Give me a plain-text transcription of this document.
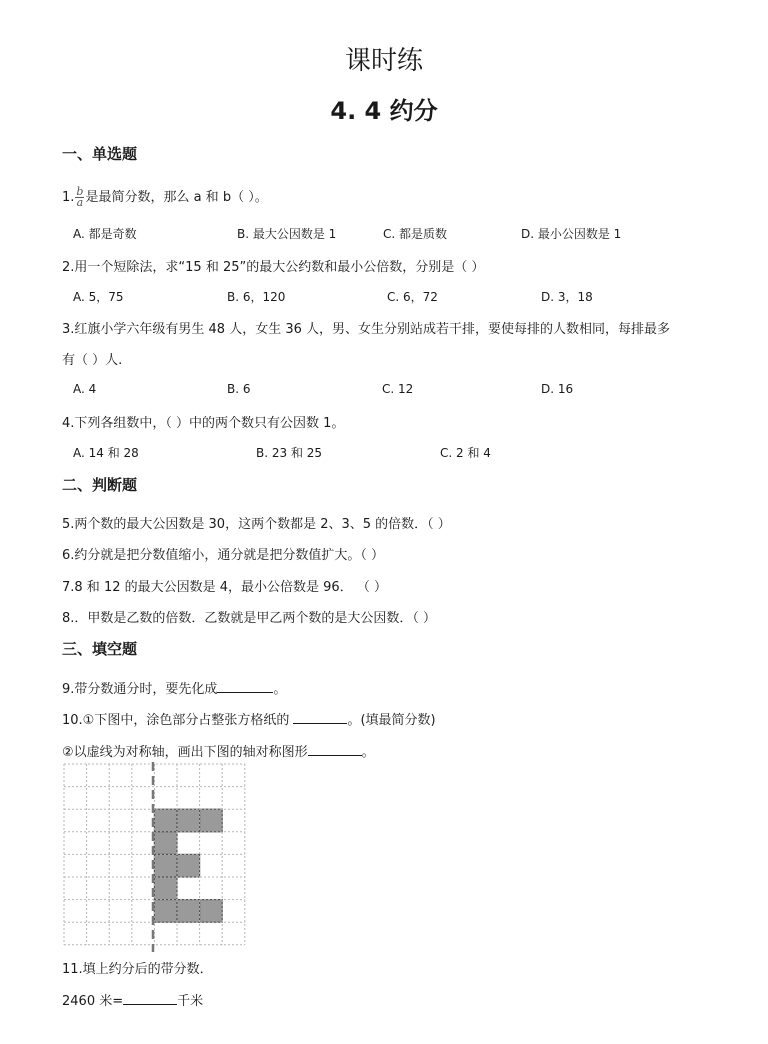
课时练
4. 4 约分
一、单选题
1. $\frac{b}{a}$ 是最简分数，那么 a 和 b（ ）。
A. 都是奇数	B. 最大公因数是 1	C. 都是质数	D. 最小公因数是 1
2.用一个短除法，求“15 和 25”的最大公约数和最小公倍数，分别是（ ）
A. 5，75	B. 6，120	C. 6，72	D. 3，18
3.红旗小学六年级有男生 48 人，女生 36 人，男、女生分别站成若干排，要使每排的人数相同，每排最多
有（ ）人.
A. 4	B. 6	C. 12	D. 16
4.下列各组数中，（ ）中的两个数只有公因数 1。
A. 14 和 28	B. 23 和 25	C. 2 和 4
二、判断题
5.两个数的最大公因数是 30，这两个数都是 2、3、5 的倍数．（ ）
6.约分就是把分数值缩小，通分就是把分数值扩大。（ ）
7.8 和 12 的最大公因数是 4，最小公倍数是 96． （ ）
8.．甲数是乙数的倍数．乙数就是甲乙两个数的是大公因数．（ ）
三、填空题
9.带分数通分时，要先化成	。
10.①下图中，涂色部分占整张方格纸的	。(填最简分数)
②以虚线为对称轴，画出下图的轴对称图形	。
11.填上约分后的带分数．
2460 米=	千米
